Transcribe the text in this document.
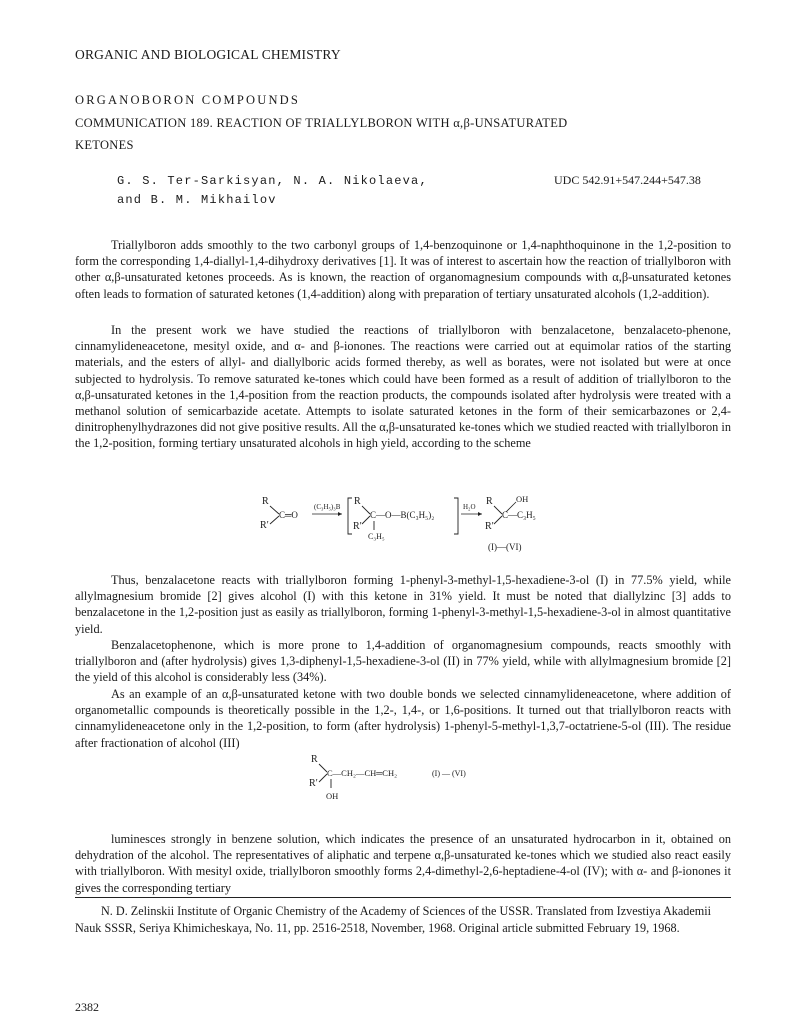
ORGANIC AND BIOLOGICAL CHEMISTRY
ORGANOBORON COMPOUNDS
COMMUNICATION 189. REACTION OF TRIALLYLBORON WITH α,β-UNSATURATED
KETONES
G. S. Ter-Sarkisyan, N. A. Nikolaeva,
and B. M. Mikhailov
UDC 542.91+547.244+547.38

Triallylboron adds smoothly to the two carbonyl groups of 1,4-benzoquinone or 1,4-naphthoquinone in the 1,2-position to form the corresponding 1,4-diallyl-1,4-dihydroxy derivatives [1]. It was of interest to ascertain how the reaction of triallylboron with other α,β-unsaturated ketones proceeds. As is known, the reaction of organomagnesium compounds with α,β-unsaturated ketones often leads to formation of saturated ketones (1,4-addition) along with preparation of tertiary unsaturated alcohols (1,2-addition).

In the present work we have studied the reactions of triallylboron with benzalacetone, benzalaceto-phenone, cinnamylideneacetone, mesityl oxide, and α- and β-ionones. The reactions were carried out at equimolar ratios of the starting materials, and the esters of allyl- and diallylboric acids formed thereby, as well as borates, were not isolated but were at once subjected to hydrolysis. To remove saturated ke-tones which could have been formed as a result of addition of triallylboron to the α,β-unsaturated ketones in the 1,4-position from the reaction products, the compounds isolated after hydrolysis were treated with a methanol solution of semicarbazide acetate. Attempts to isolate saturated ketones in the form of their semicarbazones or 2,4-dinitrophenylhydrazones did not give positive results. All the α,β-unsaturated ke-tones which we studied reacted with triallylboron in the 1,2-position, forming tertiary unsaturated alcohols in high yield, according to the scheme

R
R′
C═O
(C₃H₅)₃B R
R′
C—O—B(C₃H₅)₂
C₃H₅
H₂O R
R′
OH
C—C₃H₅
(I)—(VI)

Thus, benzalacetone reacts with triallylboron forming 1-phenyl-3-methyl-1,5-hexadiene-3-ol (I) in 77.5% yield, while allylmagnesium bromide [2] gives alcohol (I) with this ketone in 31% yield. It must be noted that diallylzinc [3] adds to benzalacetone in the 1,2-position just as easily as triallylboron, forming 1-phenyl-3-methyl-1,5-hexadiene-3-ol in almost quantitative yield.

Benzalacetophenone, which is more prone to 1,4-addition of organomagnesium compounds, reacts smoothly with triallylboron and (after hydrolysis) gives 1,3-diphenyl-1,5-hexadiene-3-ol (II) in 77% yield, while with allylmagnesium bromide [2] the yield of this alcohol is considerably less (34%).

As an example of an α,β-unsaturated ketone with two double bonds we selected cinnamylideneacetone, where addition of organometallic compounds is theoretically possible in the 1,2-, 1,4-, or 1,6-positions. It turned out that triallylboron reacts with cinnamylideneacetone only in the 1,2-position, to form (after hydrolysis) 1-phenyl-5-methyl-1,3,7-octatriene-5-ol (III). The residue after fractionation of alcohol (III)

R
R′
C—CH₂—CH═CH₂	(I) — (VI)
OH

luminesces strongly in benzene solution, which indicates the presence of an unsaturated hydrocarbon in it, obtained on dehydration of the alcohol. The representatives of aliphatic and terpene α,β-unsaturated ke-tones which we studied also react easily with triallylboron. With mesityl oxide, triallylboron smoothly forms 2,4-dimethyl-2,6-heptadiene-4-ol (IV); with α- and β-ionones it gives the corresponding tertiary

N. D. Zelinskii Institute of Organic Chemistry of the Academy of Sciences of the USSR. Translated from Izvestiya Akademii Nauk SSSR, Seriya Khimicheskaya, No. 11, pp. 2516-2518, November, 1968. Original article submitted February 19, 1968.

2382
